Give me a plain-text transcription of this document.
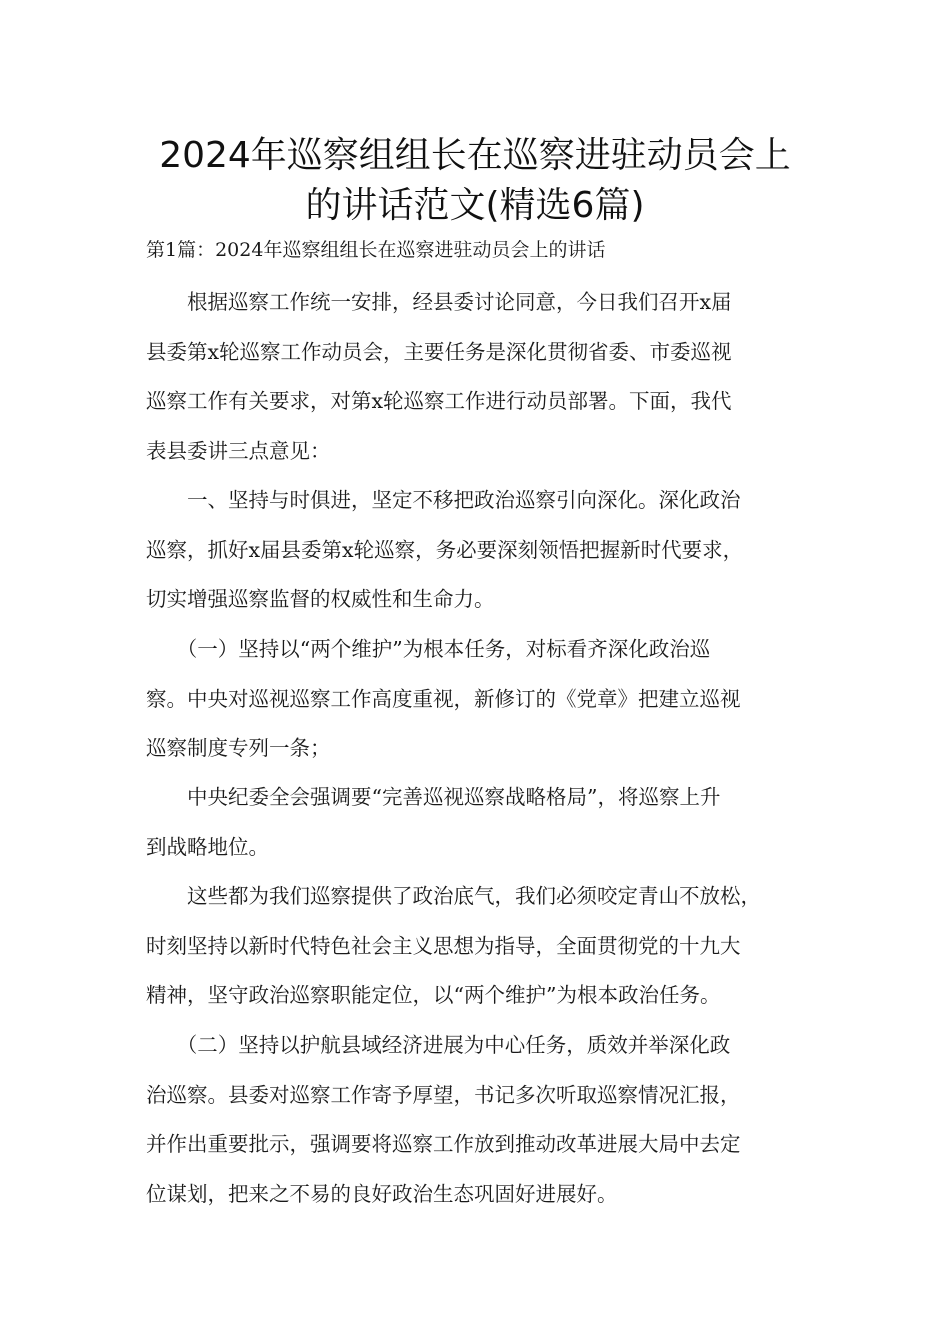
2024年巡察组组长在巡察进驻动员会上
的讲话范文(精选6篇)
第1篇：2024年巡察组组长在巡察进驻动员会上的讲话

　　根据巡察工作统一安排，经县委讨论同意，今日我们召开x届
县委第x轮巡察工作动员会，主要任务是深化贯彻省委、市委巡视
巡察工作有关要求，对第x轮巡察工作进行动员部署。下面，我代
表县委讲三点意见：

　　一、坚持与时俱进，坚定不移把政治巡察引向深化。深化政治
巡察，抓好x届县委第x轮巡察，务必要深刻领悟把握新时代要求，
切实增强巡察监督的权威性和生命力。

　　（一）坚持以“两个维护”为根本任务，对标看齐深化政治巡
察。中央对巡视巡察工作高度重视，新修订的《党章》把建立巡视
巡察制度专列一条；

　　中央纪委全会强调要“完善巡视巡察战略格局”，将巡察上升
到战略地位。

　　这些都为我们巡察提供了政治底气，我们必须咬定青山不放松，
时刻坚持以新时代特色社会主义思想为指导，全面贯彻党的十九大
精神，坚守政治巡察职能定位，以“两个维护”为根本政治任务。

　　（二）坚持以护航县域经济进展为中心任务，质效并举深化政
治巡察。县委对巡察工作寄予厚望，书记多次听取巡察情况汇报，
并作出重要批示，强调要将巡察工作放到推动改革进展大局中去定
位谋划，把来之不易的良好政治生态巩固好进展好。
